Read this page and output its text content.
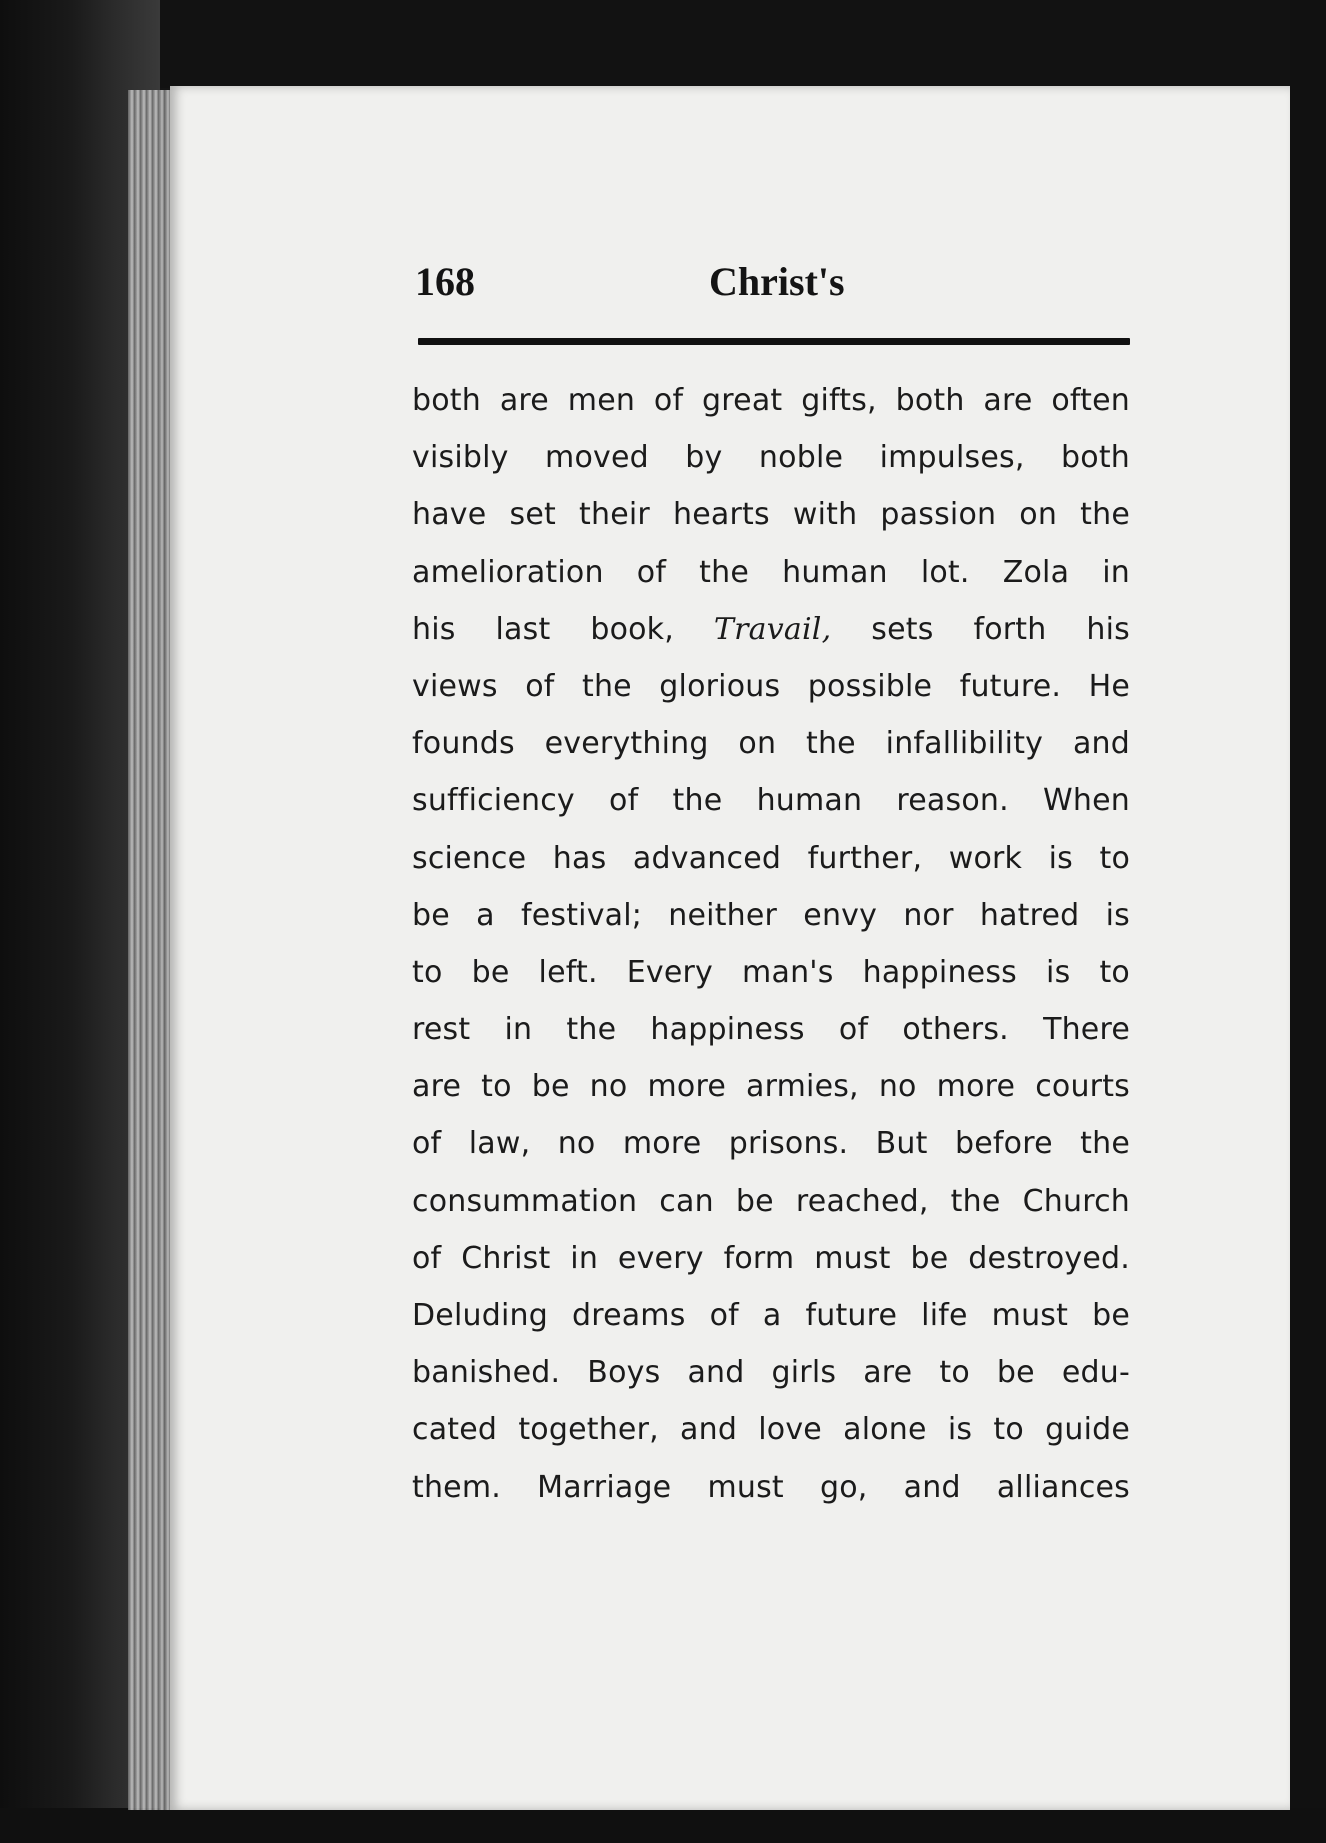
168	Christ's
both are men of great gifts, both are often
visibly moved by noble impulses, both
have set their hearts with passion on the
amelioration of the human lot. Zola in
his last book, Travail, sets forth his
views of the glorious possible future. He
founds everything on the infallibility and
sufficiency of the human reason. When
science has advanced further, work is to
be a festival; neither envy nor hatred is
to be left. Every man's happiness is to
rest in the happiness of others. There
are to be no more armies, no more courts
of law, no more prisons. But before the
consummation can be reached, the Church
of Christ in every form must be destroyed.
Deluding dreams of a future life must be
banished. Boys and girls are to be edu-
cated together, and love alone is to guide
them. Marriage must go, and alliances
